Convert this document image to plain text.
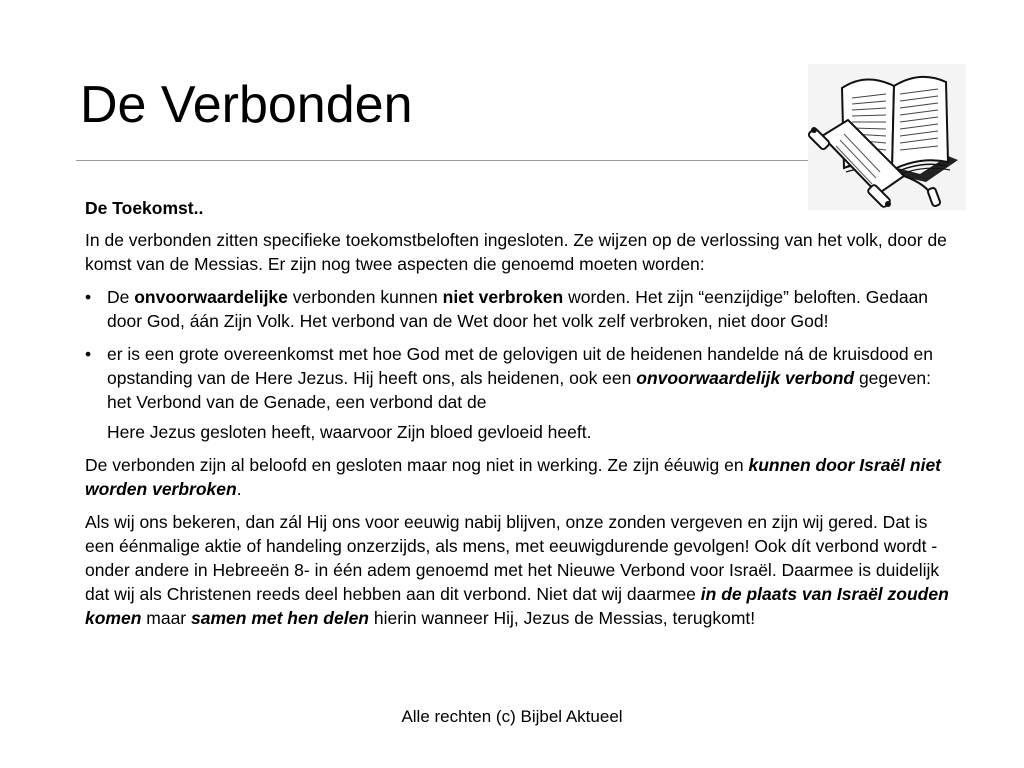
De Verbonden

De Toekomst..

In de verbonden zitten specifieke toekomstbeloften ingesloten. Ze wijzen op de verlossing van het volk, door de komst van de Messias. Er zijn nog twee aspecten die genoemd moeten worden:

• De onvoorwaardelijke verbonden kunnen niet verbroken worden. Het zijn “eenzijdige” beloften. Gedaan door God, áán Zijn Volk. Het verbond van de Wet door het volk zelf verbroken, niet door God!
• er is een grote overeenkomst met hoe God met de gelovigen uit de heidenen handelde ná de kruisdood en opstanding van de Here Jezus. Hij heeft ons, als heidenen, ook een onvoorwaardelijk verbond gegeven: het Verbond van de Genade, een verbond dat de
Here Jezus gesloten heeft, waarvoor Zijn bloed gevloeid heeft.

De verbonden zijn al beloofd en gesloten maar nog niet in werking. Ze zijn ééuwig en kunnen door Israël niet worden verbroken.

Als wij ons bekeren, dan zál Hij ons voor eeuwig nabij blijven, onze zonden vergeven en zijn wij gered. Dat is een éénmalige aktie of handeling onzerzijds, als mens, met eeuwigdurende gevolgen! Ook dít verbond wordt -onder andere in Hebreeën 8- in één adem genoemd met het Nieuwe Verbond voor Israël. Daarmee is duidelijk dat wij als Christenen reeds deel hebben aan dit verbond. Niet dat wij daarmee in de plaats van Israël zouden komen maar samen met hen delen hierin wanneer Hij, Jezus de Messias, terugkomt!

Alle rechten (c) Bijbel Aktueel
